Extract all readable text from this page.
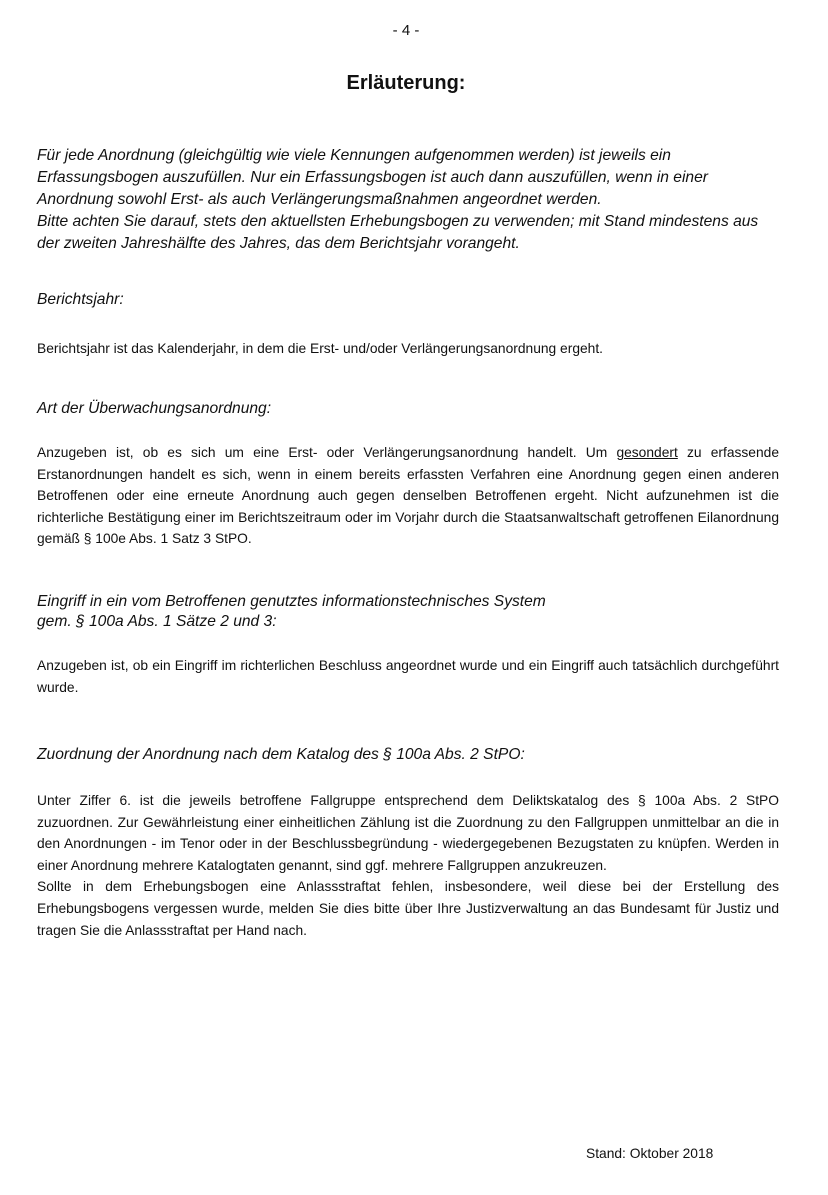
- 4 -
Erläuterung:

Für jede Anordnung (gleichgültig wie viele Kennungen aufgenommen werden) ist jeweils ein Erfassungsbogen auszufüllen. Nur ein Erfassungsbogen ist auch dann auszufüllen, wenn in einer Anordnung sowohl Erst- als auch Verlängerungsmaßnahmen angeordnet werden.

Bitte achten Sie darauf, stets den aktuellsten Erhebungsbogen zu verwenden; mit Stand mindestens aus der zweiten Jahreshälfte des Jahres, das dem Berichtsjahr vorangeht.

Berichtsjahr:
Berichtsjahr ist das Kalenderjahr, in dem die Erst- und/oder Verlängerungsanordnung ergeht.
Art der Überwachungsanordnung:
Anzugeben ist, ob es sich um eine Erst- oder Verlängerungsanordnung handelt. Um gesondert zu erfassende Erstanordnungen handelt es sich, wenn in einem bereits erfassten Verfahren eine Anordnung gegen einen anderen Betroffenen oder eine erneute Anordnung auch gegen denselben Betroffenen ergeht. Nicht aufzunehmen ist die richterliche Bestätigung einer im Berichtszeitraum oder im Vorjahr durch die Staatsanwaltschaft getroffenen Eilanordnung gemäß § 100e Abs. 1 Satz 3 StPO.
Eingriff in ein vom Betroffenen genutztes informationstechnisches System
gem. § 100a Abs. 1 Sätze 2 und 3:
Anzugeben ist, ob ein Eingriff im richterlichen Beschluss angeordnet wurde und ein Eingriff auch tatsächlich durchgeführt wurde.
Zuordnung der Anordnung nach dem Katalog des § 100a Abs. 2 StPO:

Unter Ziffer 6. ist die jeweils betroffene Fallgruppe entsprechend dem Deliktskatalog des § 100a Abs. 2 StPO zuzuordnen. Zur Gewährleistung einer einheitlichen Zählung ist die Zuordnung zu den Fallgruppen unmittelbar an die in den Anordnungen - im Tenor oder in der Beschlussbegründung - wiedergegebenen Bezugstaten zu knüpfen. Werden in einer Anordnung mehrere Katalogtaten genannt, sind ggf. mehrere Fallgruppen anzukreuzen.

Sollte in dem Erhebungsbogen eine Anlassstraftat fehlen, insbesondere, weil diese bei der Erstellung des Erhebungsbogens vergessen wurde, melden Sie dies bitte über Ihre Justizverwaltung an das Bundesamt für Justiz und tragen Sie die Anlassstraftat per Hand nach.

Stand: Oktober 2018
